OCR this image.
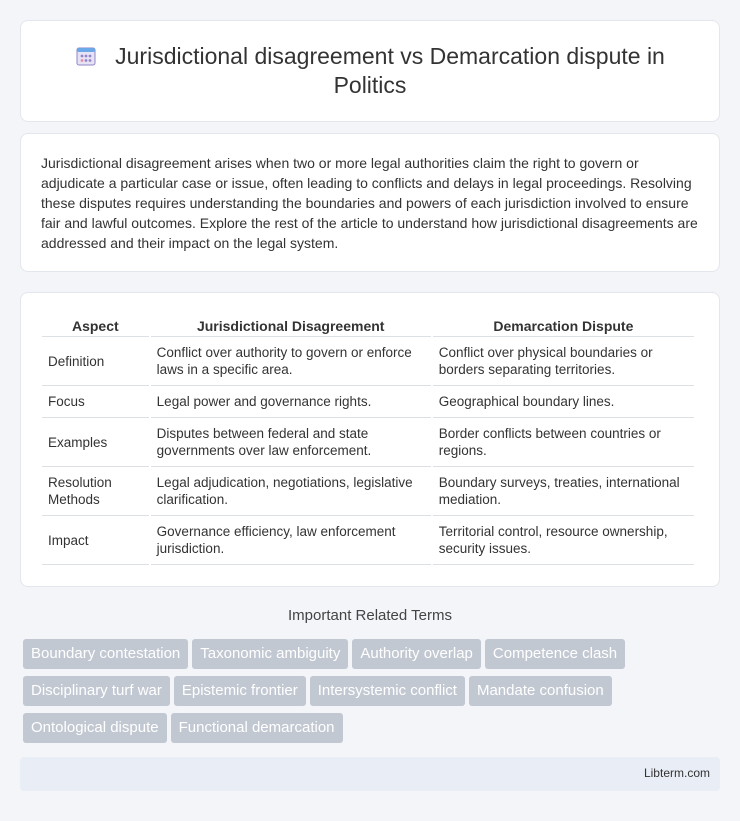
Jurisdictional disagreement vs Demarcation dispute in Politics

Jurisdictional disagreement arises when two or more legal authorities claim the right to govern or adjudicate a particular case or issue, often leading to conflicts and delays in legal proceedings. Resolving these disputes requires understanding the boundaries and powers of each jurisdiction involved to ensure fair and lawful outcomes. Explore the rest of the article to understand how jurisdictional disagreements are addressed and their impact on the legal system.

Aspect	Jurisdictional Disagreement	Demarcation Dispute
Definition	Conflict over authority to govern or enforce laws in a specific area.	Conflict over physical boundaries or borders separating territories.
Focus	Legal power and governance rights.	Geographical boundary lines.
Examples	Disputes between federal and state governments over law enforcement.	Border conflicts between countries or regions.
Resolution Methods	Legal adjudication, negotiations, legislative clarification.	Boundary surveys, treaties, international mediation.
Impact	Governance efficiency, law enforcement jurisdiction.	Territorial control, resource ownership, security issues.
Important Related Terms
Boundary contestation Taxonomic ambiguity Authority overlap Competence clash
Disciplinary turf war Epistemic frontier Intersystemic conflict Mandate confusion
Ontological dispute Functional demarcation
Libterm.com
